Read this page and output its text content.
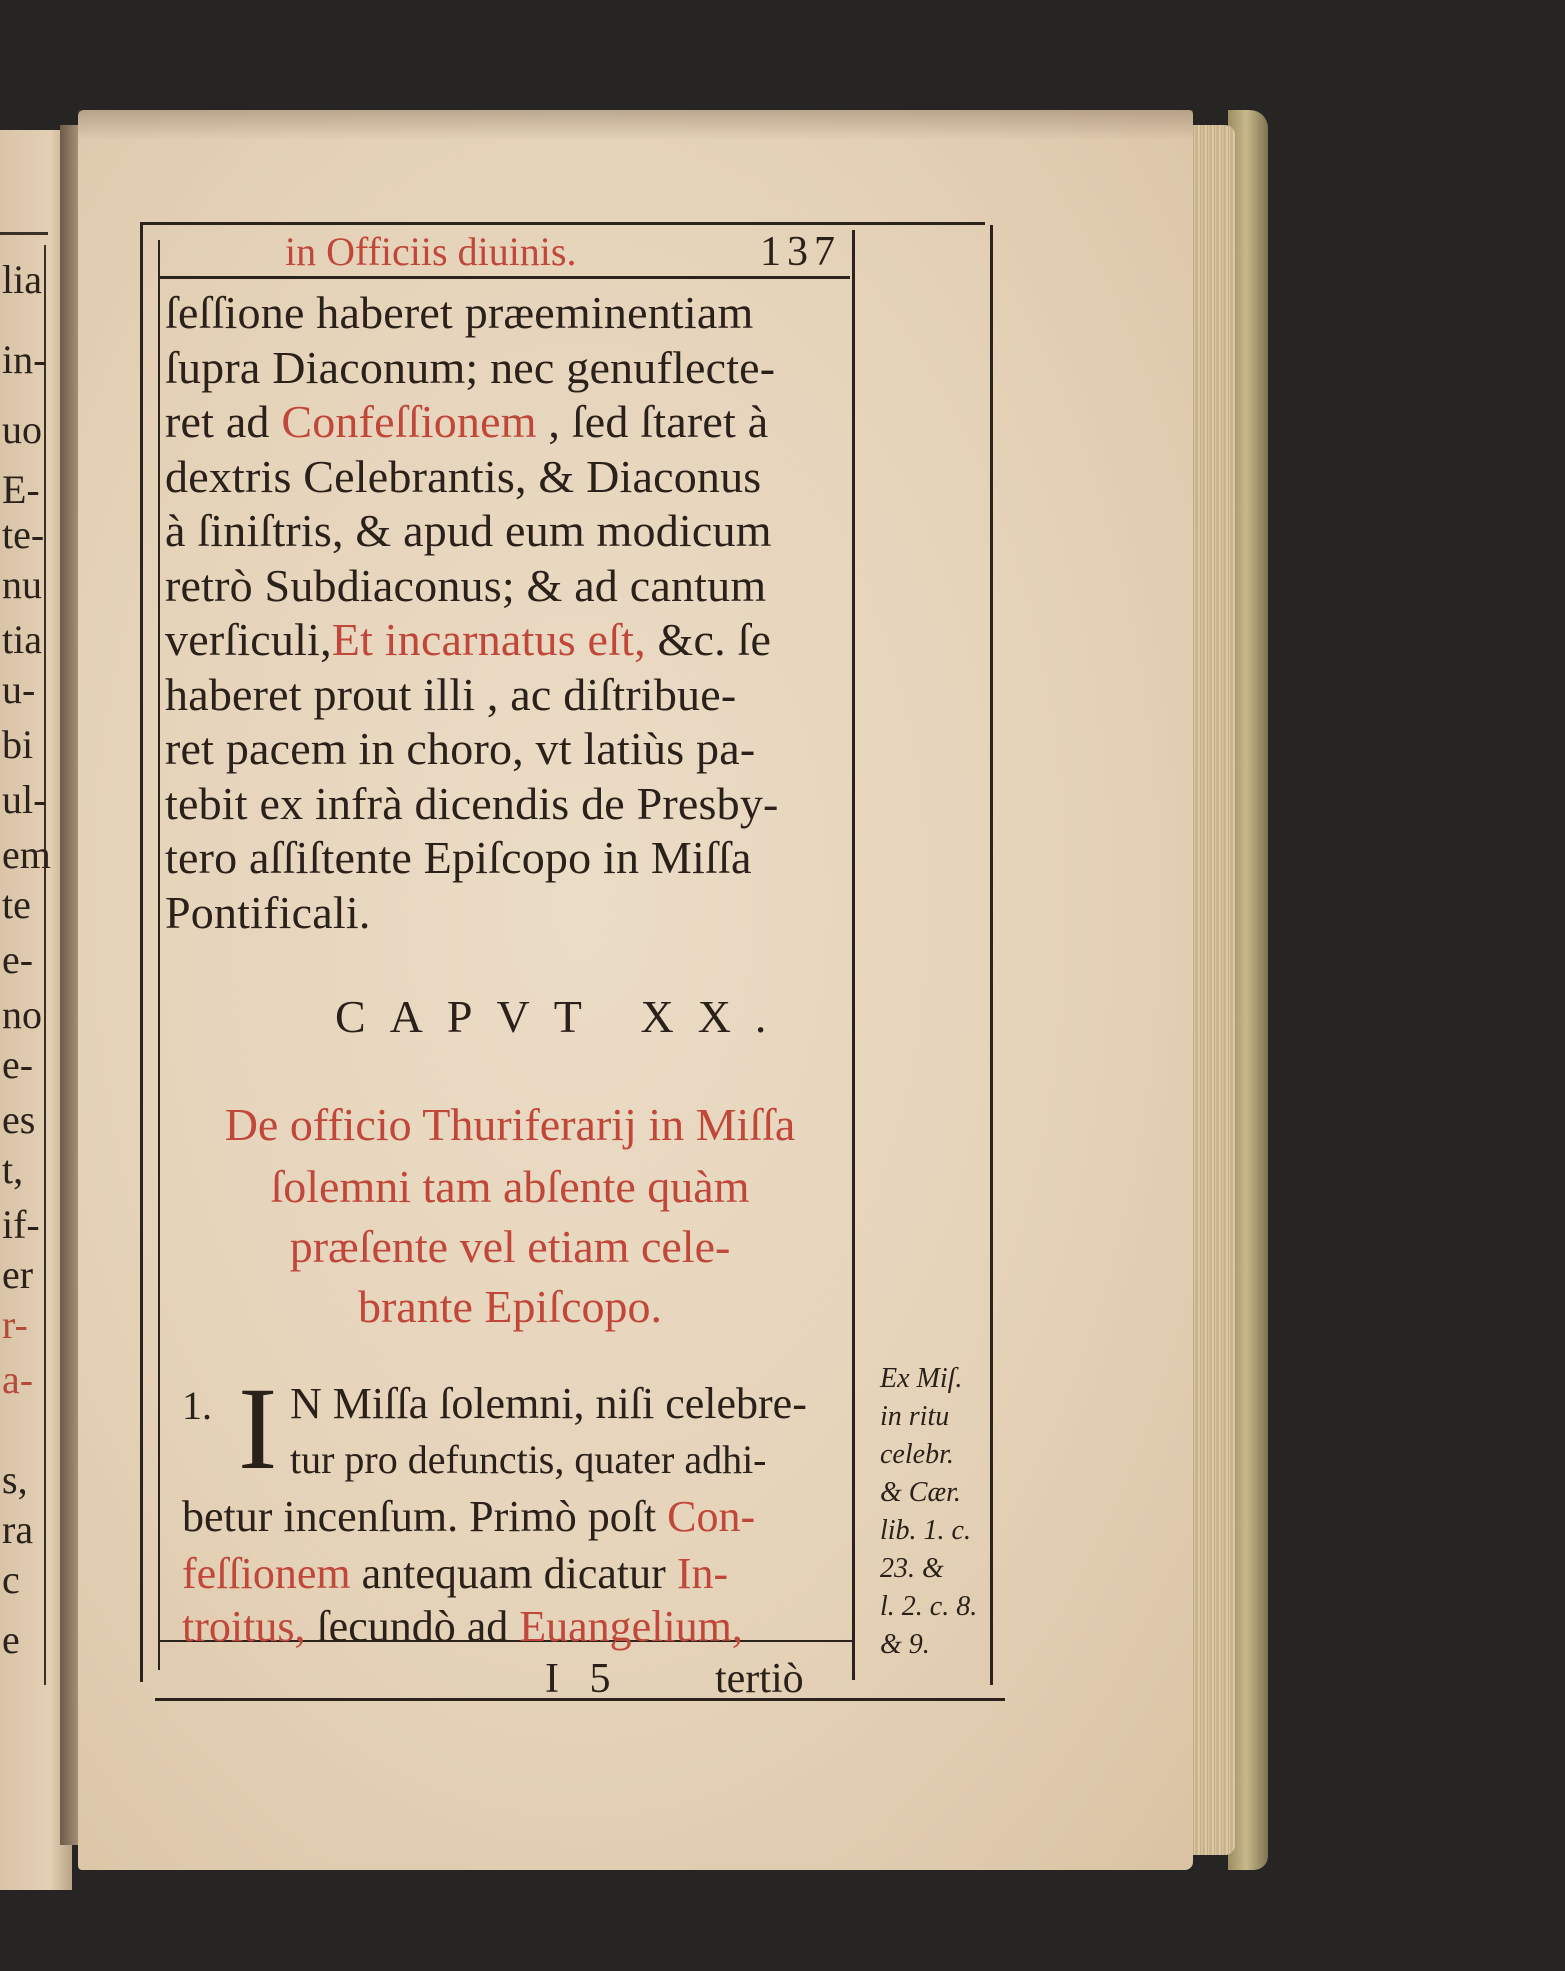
lia
in-
uo
E-
te-
nu
tia
u-
bi
ul-
em
te
e-
no
e-
es
t,
if-
er
r-
a-
s,
ra
c
e
in Officiis diuinis.	137
ſeſſione haberet præeminentiam
ſupra Diaconum; nec genuflecte-
ret ad Confeſſionem , ſed ſtaret à
dextris Celebrantis, & Diaconus
à ſiniſtris, & apud eum modicum
retrò Subdiaconus; & ad cantum
verſiculi,Et incarnatus eſt, &c. ſe
haberet prout illi , ac diſtribue-
ret pacem in choro, vt latiùs pa-
tebit ex infrà dicendis de Presby-
tero aſſiſtente Epiſcopo in Miſſa
Pontificali.
CAPVT XX.
De officio Thuriferarij in Miſſa
ſolemni tam abſente quàm
præſente vel etiam cele-
brante Epiſcopo.
1. I N Miſſa ſolemni, niſi celebre-
tur pro defunctis, quater adhi-
betur incenſum. Primò poſt Con-
feſſionem antequam dicatur In-
troitus, ſecundò ad Euangelium,
Ex Miſ.
in ritu
celebr.
& Cær.
lib. 1. c.
23. &
l. 2. c. 8.
& 9.
I 5 tertiò
